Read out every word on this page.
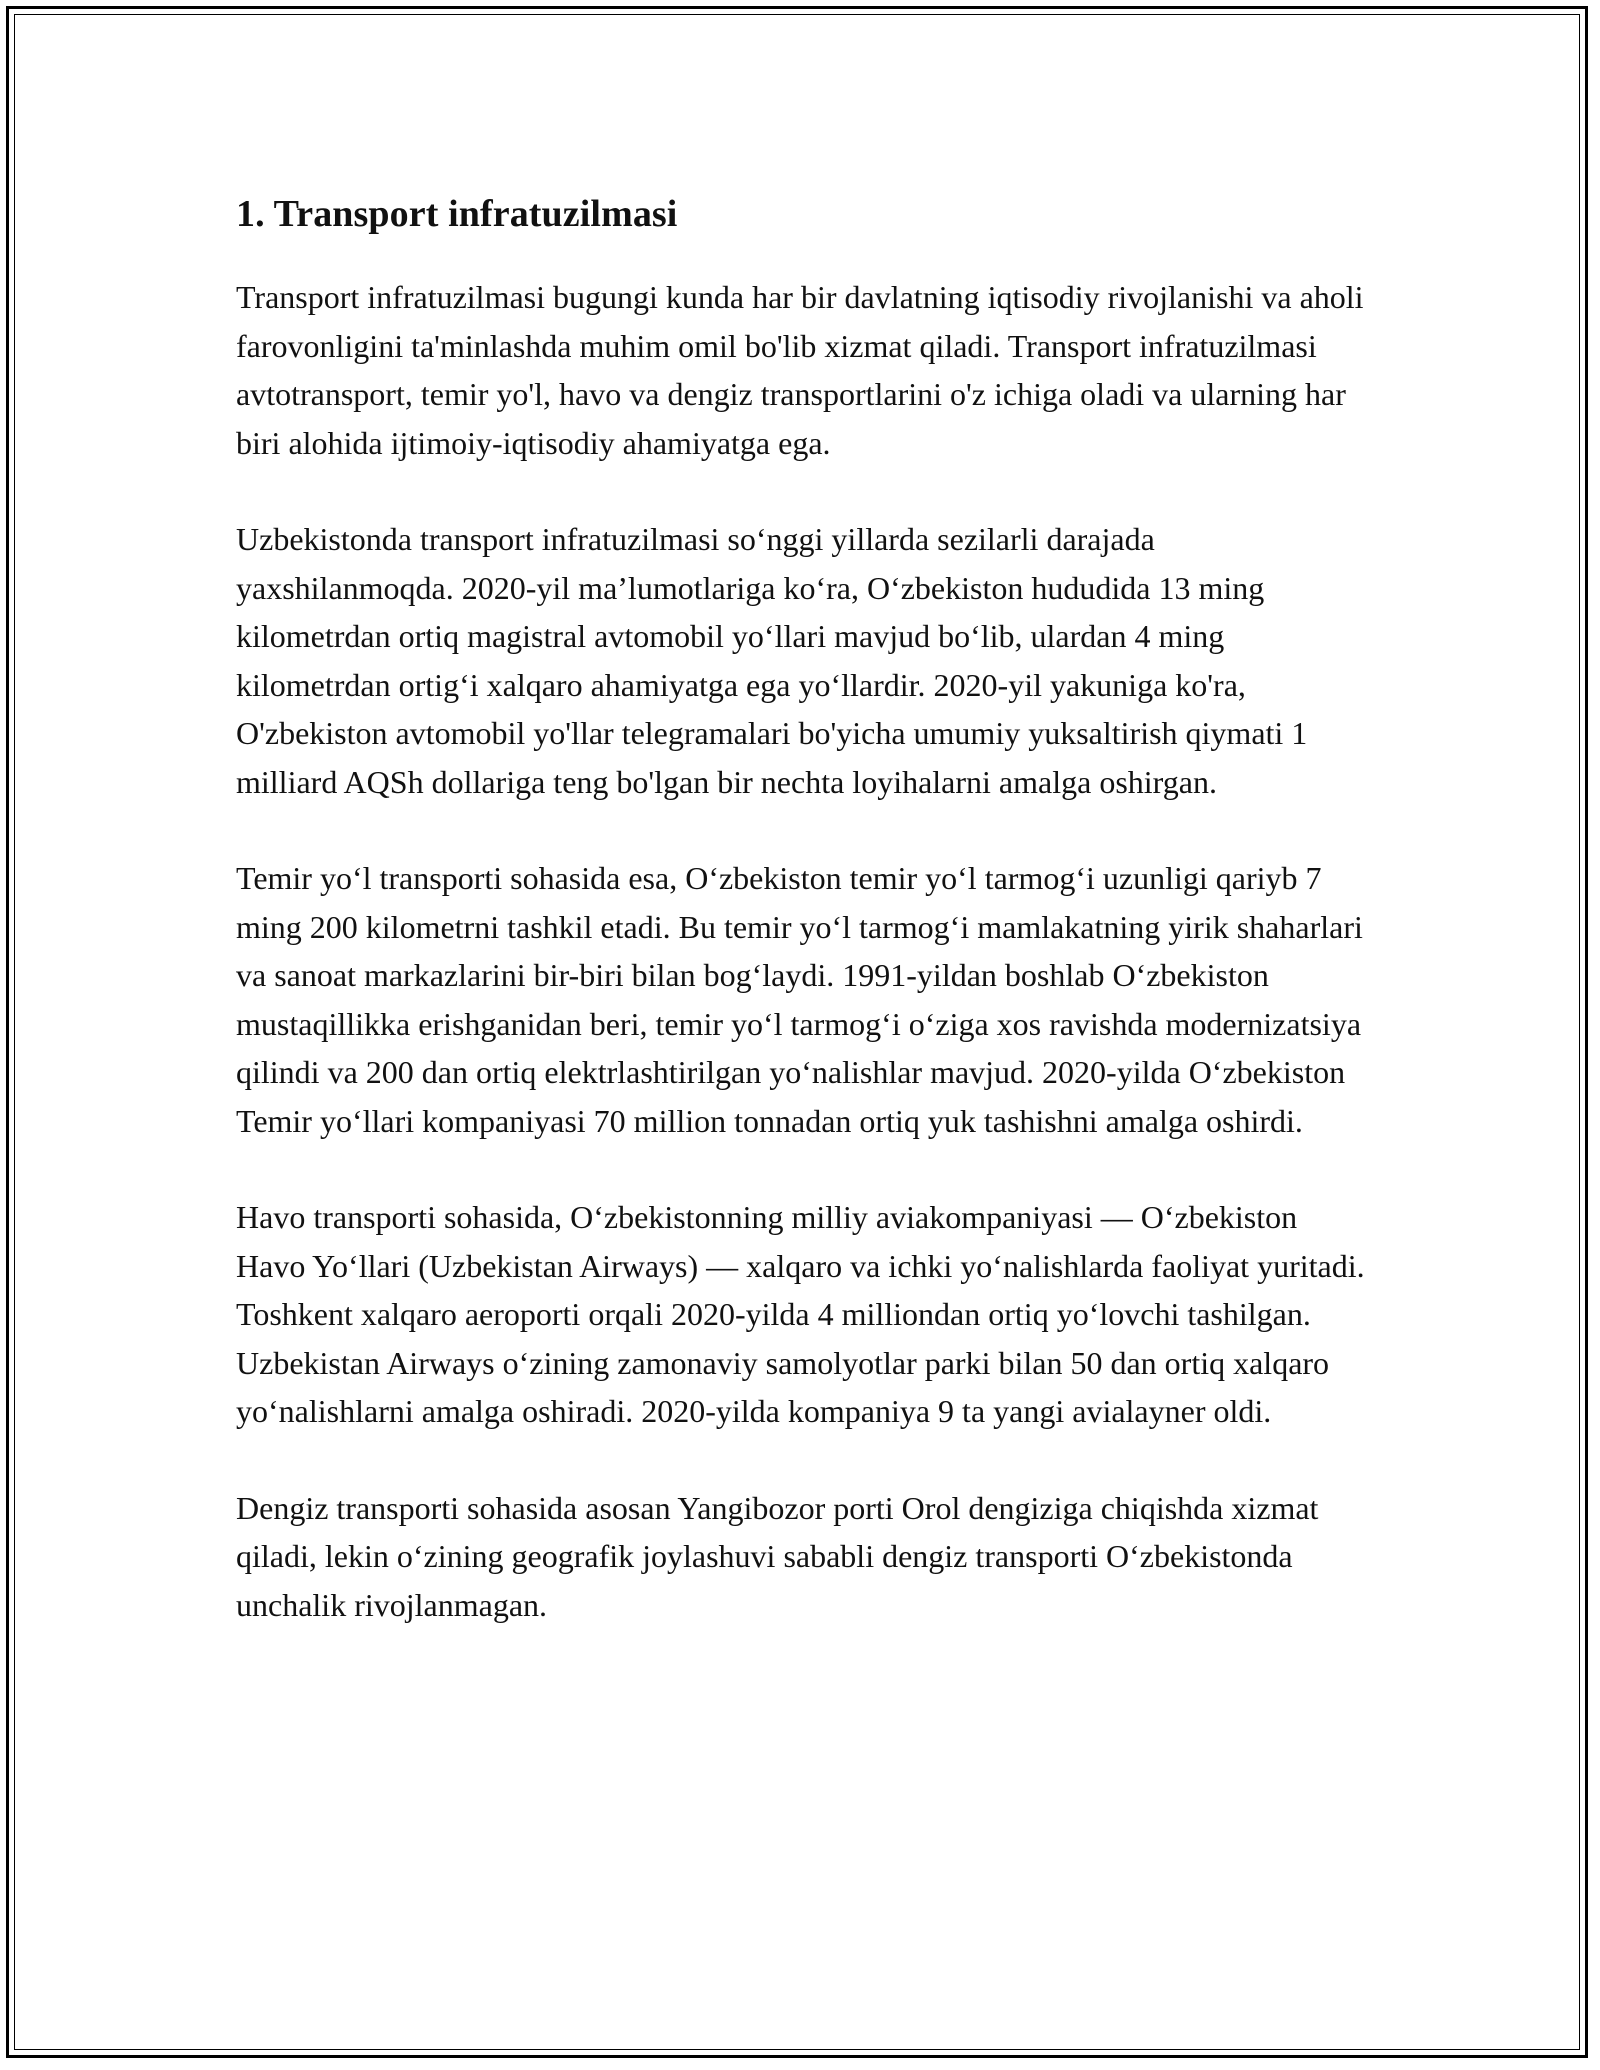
1. Transport infratuzilmasi

Transport infratuzilmasi bugungi kunda har bir davlatning iqtisodiy rivojlanishi va aholi farovonligini ta'minlashda muhim omil bo'lib xizmat qiladi. Transport infratuzilmasi avtotransport, temir yo'l, havo va dengiz transportlarini o'z ichiga oladi va ularning har biri alohida ijtimoiy-iqtisodiy ahamiyatga ega.

Uzbekistonda transport infratuzilmasi so‘nggi yillarda sezilarli darajada yaxshilanmoqda. 2020-yil ma’lumotlariga ko‘ra, O‘zbekiston hududida 13 ming kilometrdan ortiq magistral avtomobil yo‘llari mavjud bo‘lib, ulardan 4 ming kilometrdan ortig‘i xalqaro ahamiyatga ega yo‘llardir. 2020-yil yakuniga ko'ra, O'zbekiston avtomobil yo'llar telegramalari bo'yicha umumiy yuksaltirish qiymati 1 milliard AQSh dollariga teng bo'lgan bir nechta loyihalarni amalga oshirgan.

Temir yo‘l transporti sohasida esa, O‘zbekiston temir yo‘l tarmog‘i uzunligi qariyb 7 ming 200 kilometrni tashkil etadi. Bu temir yo‘l tarmog‘i mamlakatning yirik shaharlari va sanoat markazlarini bir-biri bilan bog‘laydi. 1991-yildan boshlab O‘zbekiston mustaqillikka erishganidan beri, temir yo‘l tarmog‘i o‘ziga xos ravishda modernizatsiya qilindi va 200 dan ortiq elektrlashtirilgan yo‘nalishlar mavjud. 2020-yilda O‘zbekiston Temir yo‘llari kompaniyasi 70 million tonnadan ortiq yuk tashishni amalga oshirdi.

Havo transporti sohasida, O‘zbekistonning milliy aviakompaniyasi — O‘zbekiston Havo Yo‘llari (Uzbekistan Airways) — xalqaro va ichki yo‘nalishlarda faoliyat yuritadi. Toshkent xalqaro aeroporti orqali 2020-yilda 4 milliondan ortiq yo‘lovchi tashilgan. Uzbekistan Airways o‘zining zamonaviy samolyotlar parki bilan 50 dan ortiq xalqaro yo‘nalishlarni amalga oshiradi. 2020-yilda kompaniya 9 ta yangi avialayner oldi.

Dengiz transporti sohasida asosan Yangibozor porti Orol dengiziga chiqishda xizmat qiladi, lekin o‘zining geografik joylashuvi sababli dengiz transporti O‘zbekistonda unchalik rivojlanmagan.
